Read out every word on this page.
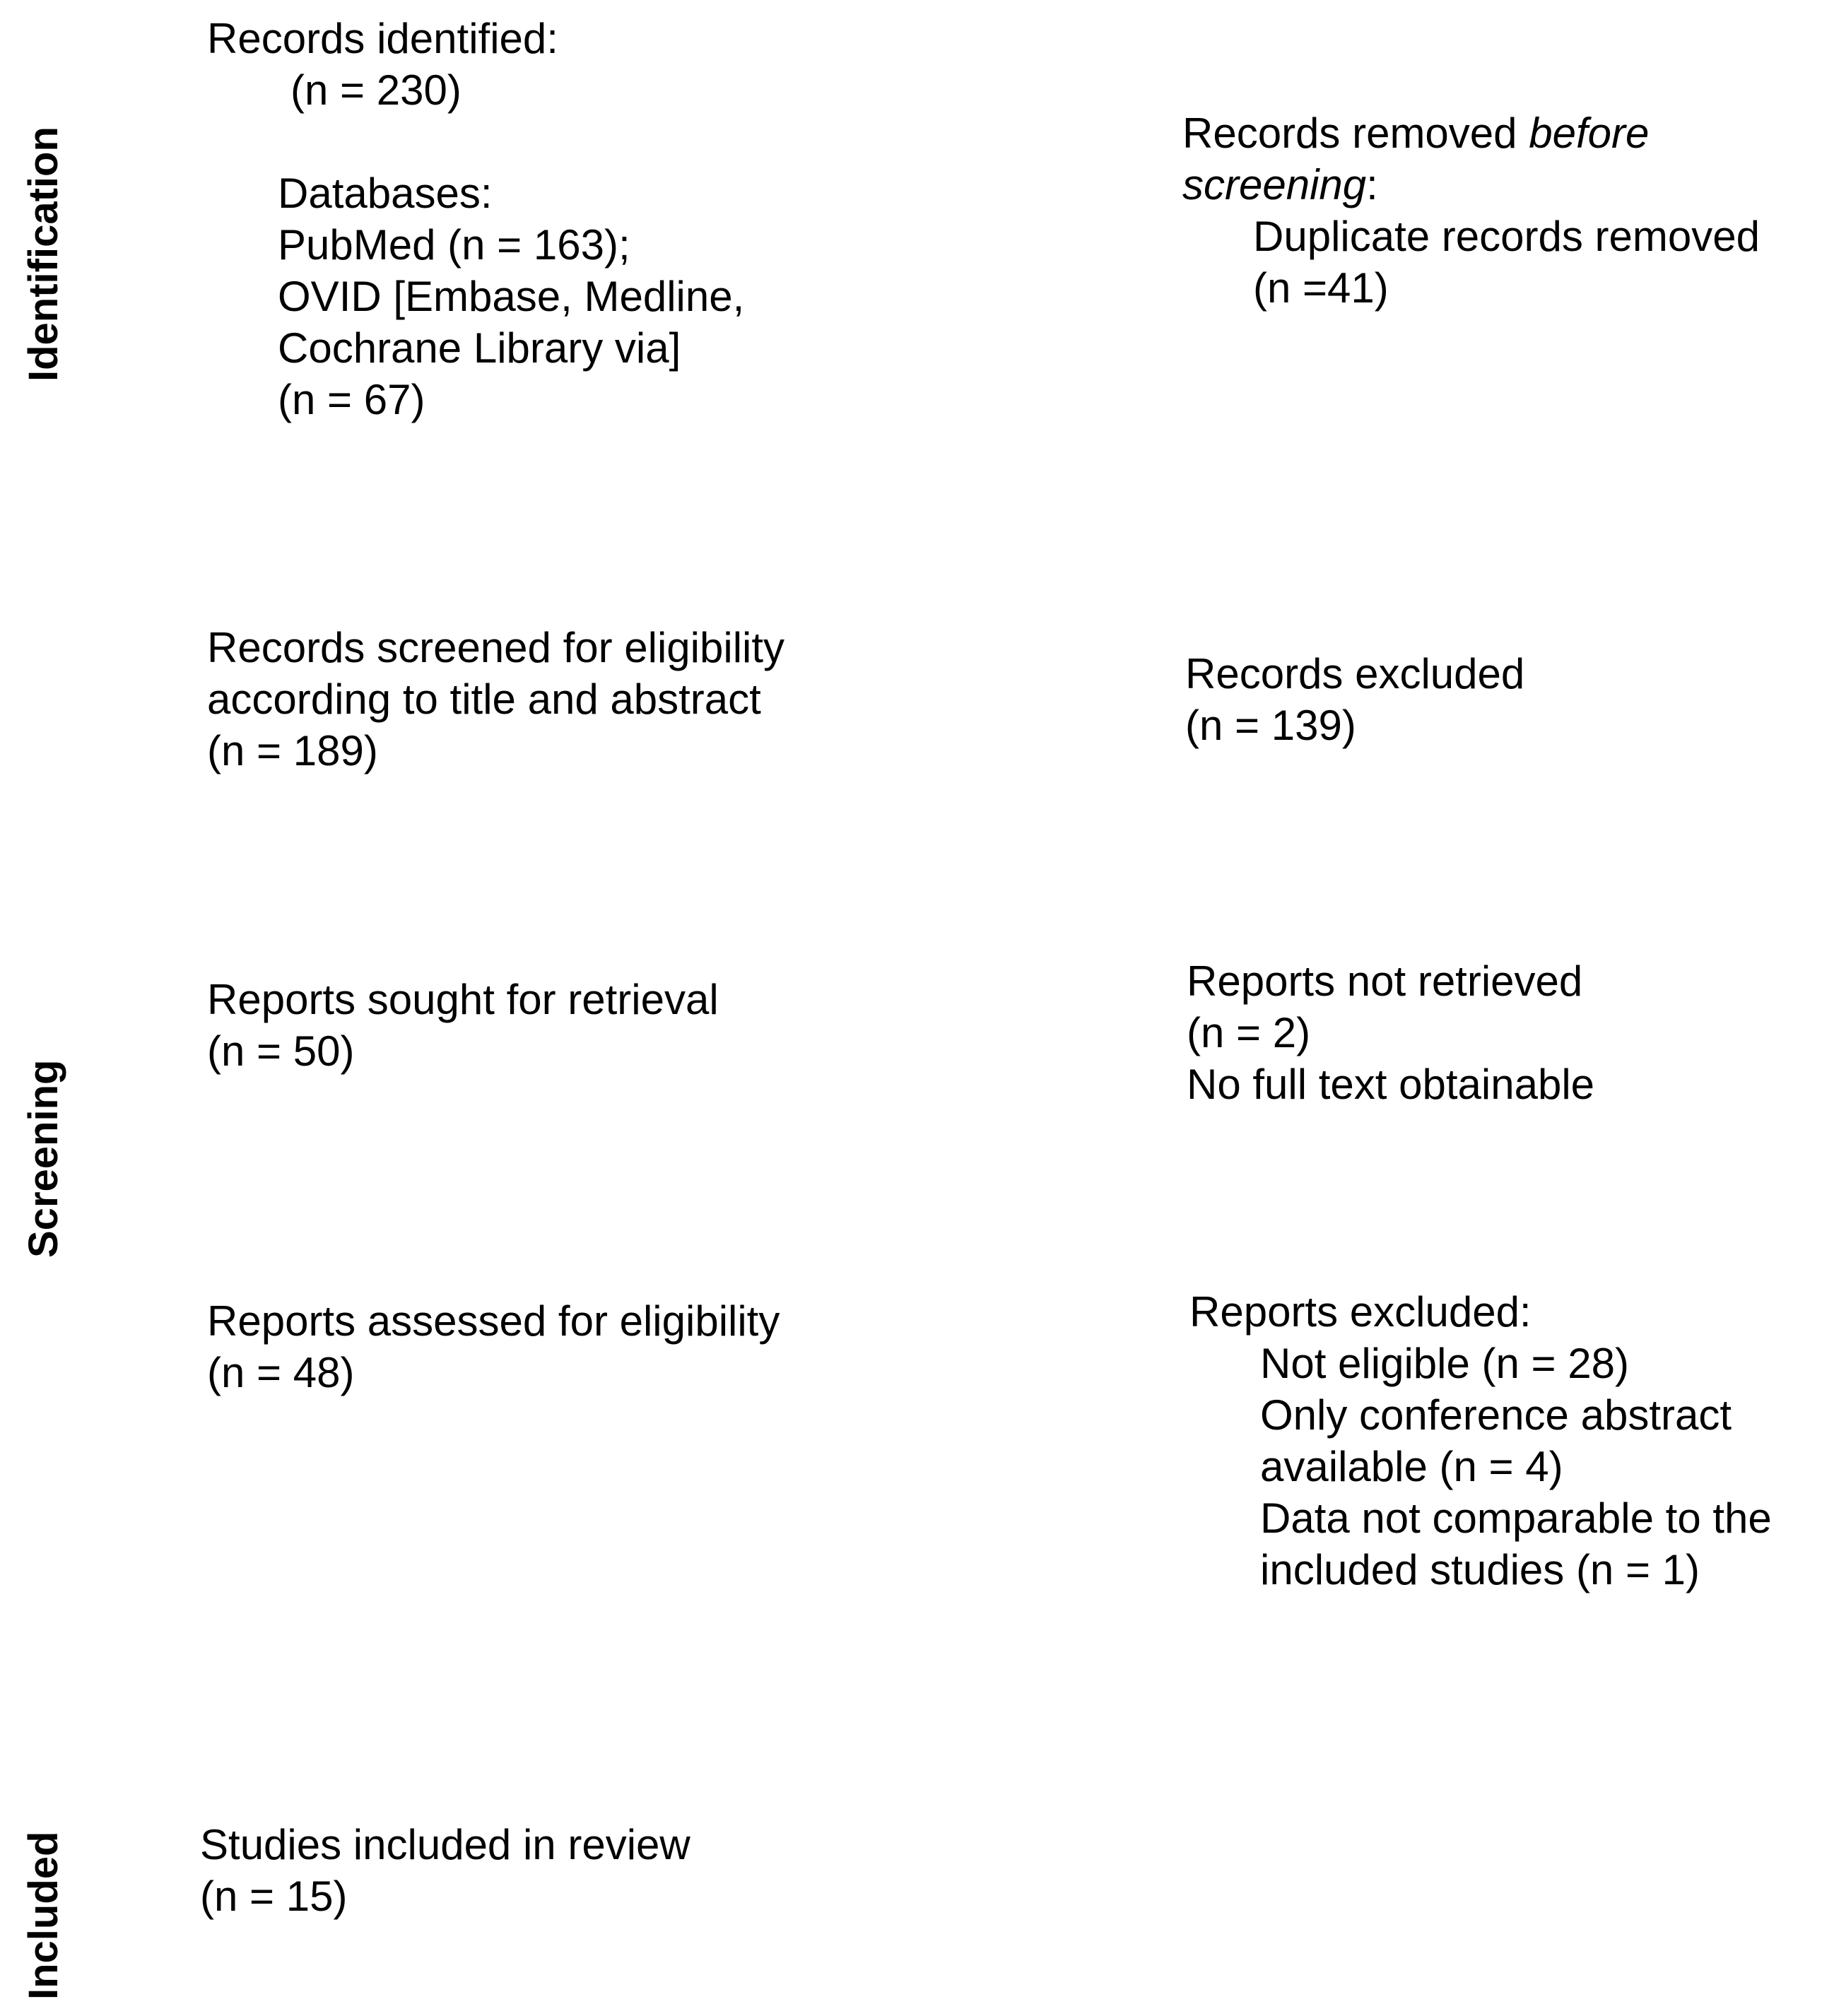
Identification
Screening
Included
Records identified:
(n = 230)
Databases:
PubMed (n = 163);
OVID [Embase, Medline,
Cochrane Library via]
(n = 67)
Records removed before
screening:
Duplicate records removed
(n =41)
Records screened for eligibility
according to title and abstract
(n = 189)
Records excluded
(n = 139)
Reports sought for retrieval
(n = 50)
Reports not retrieved
(n = 2)
No full text obtainable
Reports assessed for eligibility
(n = 48)
Reports excluded:
Not eligible (n = 28)
Only conference abstract
available (n = 4)
Data not comparable to the
included studies (n = 1)
Studies included in review
(n = 15)
